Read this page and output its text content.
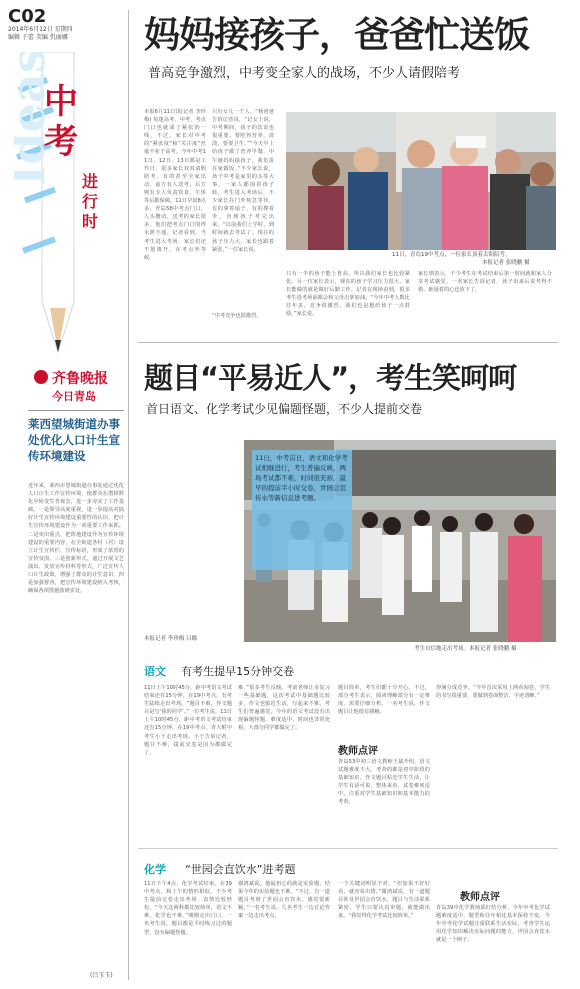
C02
2014年6月12日 星期四
编辑 于蕾 美编 仉丽娜
Ideas
中考
进行时
齐鲁晚报
今日青岛
莱西望城街道办事处优化人口计生宣传环境建设
近年来，莱西市望城街道办事处通过优化人口计生工作宣传环境，使群众在潜移默化中转变生育观念，进一步夯实了工作基础。一是领导高度重视，进一步提高对搞好计生宣传环境建设重要性的认识，把计生宣传环境建设作为一项重要工作来抓。二是突出重点，把阵地建设作为宣传环境建设的重要内容，在全街道各村（居）设立计生宣传栏、宣传标语，形成了浓厚的宣传氛围。三是创新形式，通过开展文艺演出、发放宣传材料等形式，广泛宣传人口计生政策，增强了群众的计生意识。四是加强督查，把宣传环境建设纳入考核，确保各项措施落到实处。
(吕玉玉)
妈妈接孩子，爸爸忙送饭
普高竞争激烈，中考变全家人的战场，不少人请假陪考
本报6月11日讯(记者 李珍梅) 每逢高考、中考，考点门口也就成了紧张的一线，不过，家长对中考的“紧张度”和“关注度”丝毫不亚于高考。今年中考11日、12日、13日都是工作日，很多家长双双请假陪考，有的甚至全家出动，前方有人送考，后方则有专人负责饮食，午休等后勤保障。11日早晨8点多，青岛58中考点门口，人头攒动。送考的家长很多，他们把考点门口围得水泄不通。记者看到，当考生进入考场，家长们还不愿离开，在考点外等候。
只有女儿一个人。“杨爸爸告诉记者说，“记女士说，中考期间，孩子的饮食也很重要。要吃得营养，清淡。要要卫生。”“今天早上给孩子做了营养早餐，中午她妈妈接孩子，我负责在家做饭。”不少家长说，孩子中考是家里的头等大事，一家人都围着孩子转。考生进入考场后，不少家长在门外焦急等待，有的拿着扇子，有的撑着伞，直到孩子考完出来。“以前我们上学时，到时间就去考试了。现在的孩子压力大，家长也跟着紧张。”一位家长说。
“中考竞争也很激烈。
11日，青岛19中考点，一位家长顶着太阳陪考。
本报记者 张晓鹏 摄
只有一半的孩子能上普高，所以我们家长也比较紧张。另一位家长表示，现在的孩子学习压力很大，家长能做的就是做好后勤工作。记者在现场看到，很多考生进考场前都会和父母击掌加油。“今年中考人数比往年多，竞争很激烈，我们也是想给孩子一点鼓励。”家长说。
家长则表示，不少考生在考试结束后第一时间就和家人分享考试感受。一名家长告诉记者，孩子出来后说考得不错，她悬着的心也放下了。
题目“平易近人”，考生笑呵呵
首日语文、化学考试少见偏题怪题，不少人提前交卷
11日，中考首日，语文和化学考试相继进行，考生普遍反映，两场考试都不难，时间很充裕，最早的提前半小时交卷，世园会宣传水等新信息进考题。
本报记者 李珍梅 吕娜
考生自信地走出考场。本报记者 张晓鹏 摄
语文 有考生提早15分钟交卷
11日上午10时45分，距中考语文考试结束还有15分钟，在19中考点，有考生陆续走出考场。“题目不难，作文题目是写‘我的同学’。”一位考生说。11日上午10时45分，距中考语文考试结束还有15分钟，在19中考点，青大附中考生小于走出考场。小于告诉记者，题目不难，提前交卷是因为都做完了。
难。”很多考生反映，考前老师让多复习一些基础题，这次考试中基础题比较多，作文也贴近生活，写起来不难。考生们普遍感觉，今年的语文考试没有出现偏题怪题，难度适中，时间也非常充裕，大部分同学都做完了。
题目简单，考生们都十分开心。不过，部分考生表示，阅读理解部分有一定难度，需要仔细分析。一名考生说，作文题目让他很有感触。
教师点评
青岛53中初三语文教师王斌介绍，语文试题难度不大，考查的都是初中阶段的基础知识，作文题目贴近学生生活，让学生有话可说。整体来看，试卷难度适中，注重对学生基础知识和基本能力的考查。
得满分成竞争。“今年首次采用上网看阅卷，学生的书写很重要，要做到卷面整洁，字迹清晰。”
化学 “世园会直饮水”进考题
11日下午4点，化学考试结束，在39中考点，和上午的情形相似，不少考生提前交卷走出考场，表情比较轻松。“今天这两科都比较简单，语文不难，化学也不难。”刚刚走出门口，一名考生说，题目都是平时练习过的题型，没有偏题怪题。
谢鸿斌说，他最担心的就是实验题，结果今年的实验题也不难。“不过，有一道题目考到了世园会直饮水，感觉很新颖。”一名考生说。几名考生一边讨论答案一边走出考点。
一个关键词明显不对。“但如果不好好看，就容易出错。”谢鸿斌说，有一道题目涉及世园会直饮水，题目与生活联系紧密，学生只要认真审题，就能做出来。“我觉得化学考试比较简单。”
教师点评
青岛39中化学教师邵红结分析，今年中考化学试题难度适中，题型和往年相比基本保持不变。今年中考化学试题注重联系生活实际，考查学生运用化学知识解决实际问题的能力，世园会直饮水就是一个例子。
